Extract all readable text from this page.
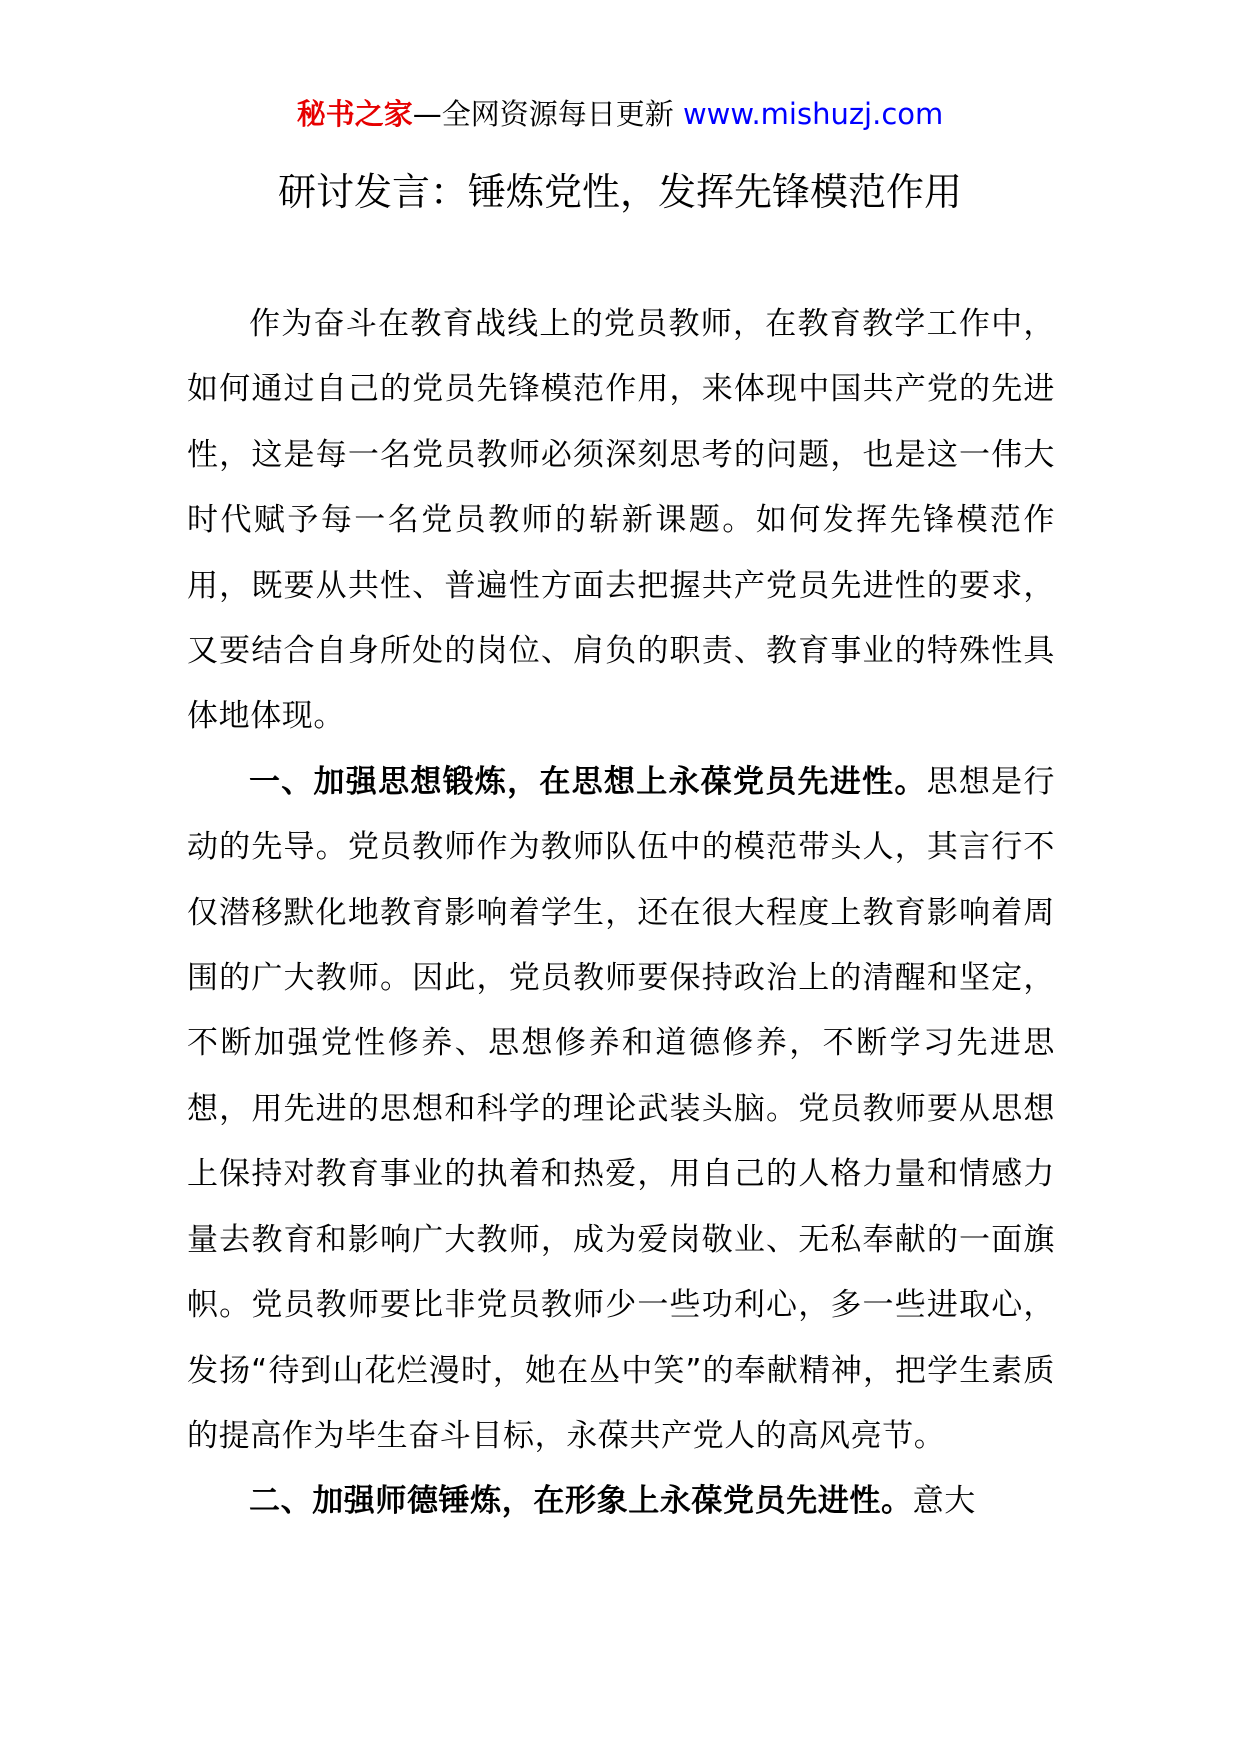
秘书之家—全网资源每日更新 www.mishuzj.com
研讨发言：锤炼党性，发挥先锋模范作用

作为奋斗在教育战线上的党员教师，在教育教学工作中，如何通过自己的党员先锋模范作用，来体现中国共产党的先进性，这是每一名党员教师必须深刻思考的问题，也是这一伟大时代赋予每一名党员教师的崭新课题。如何发挥先锋模范作用，既要从共性、普遍性方面去把握共产党员先进性的要求，又要结合自身所处的岗位、肩负的职责、教育事业的特殊性具体地体现。

一、加强思想锻炼，在思想上永葆党员先进性。思想是行动的先导。党员教师作为教师队伍中的模范带头人，其言行不仅潜移默化地教育影响着学生，还在很大程度上教育影响着周围的广大教师。因此，党员教师要保持政治上的清醒和坚定，不断加强党性修养、思想修养和道德修养，不断学习先进思想，用先进的思想和科学的理论武装头脑。党员教师要从思想上保持对教育事业的执着和热爱，用自己的人格力量和情感力量去教育和影响广大教师，成为爱岗敬业、无私奉献的一面旗帜。党员教师要比非党员教师少一些功利心，多一些进取心，发扬“待到山花烂漫时，她在丛中笑”的奉献精神，把学生素质的提高作为毕生奋斗目标，永葆共产党人的高风亮节。

二、加强师德锤炼，在形象上永葆党员先进性。意大
